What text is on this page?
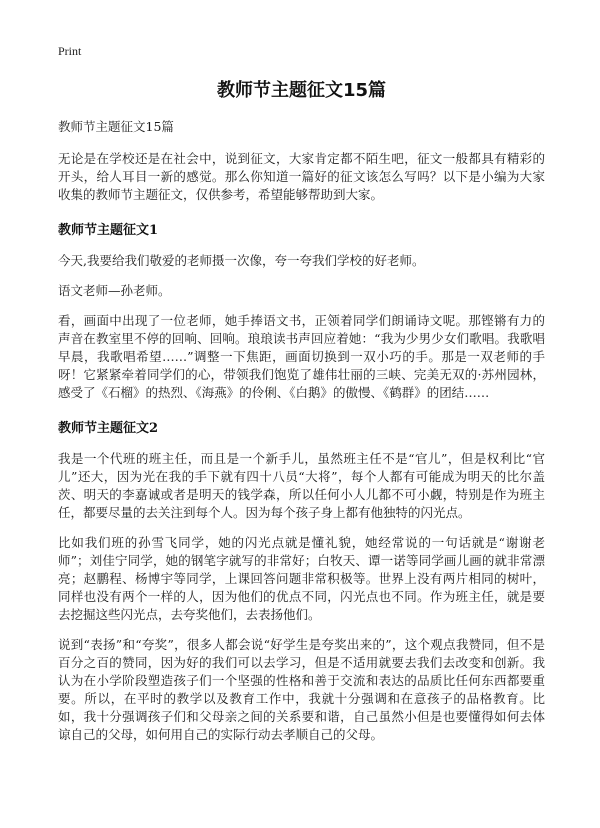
Print
教师节主题征文15篇
教师节主题征文15篇

无论是在学校还是在社会中，说到征文，大家肯定都不陌生吧，征文一般都具有精彩的开头，给人耳目一新的感觉。那么你知道一篇好的征文该怎么写吗？以下是小编为大家收集的教师节主题征文，仅供参考，希望能够帮助到大家。

教师节主题征文1

今天,我要给我们敬爱的老师摄一次像，夸一夸我们学校的好老师。

语文老师—孙老师。

看，画面中出现了一位老师，她手捧语文书，正领着同学们朗诵诗文呢。那铿锵有力的声音在教室里不停的回响、回响。琅琅读书声回应着她：“我为少男少女们歌唱。我歌唱早晨，我歌唱希望……”调整一下焦距，画面切换到一双小巧的手。那是一双老师的手呀！它紧紧牵着同学们的心，带领我们饱览了雄伟壮丽的三峡、完美无双的·苏州园林，感受了《石榴》的热烈、《海燕》的伶俐、《白鹅》的傲慢、《鹤群》的团结……

教师节主题征文2

我是一个代班的班主任，而且是一个新手儿，虽然班主任不是“官儿”，但是权利比“官儿”还大，因为光在我的手下就有四十八员“大将”，每个人都有可能成为明天的比尔盖茨、明天的李嘉诚或者是明天的钱学森，所以任何小人儿都不可小觑，特别是作为班主任，都要尽量的去关注到每个人。因为每个孩子身上都有他独特的闪光点。

比如我们班的孙雪飞同学，她的闪光点就是懂礼貌，她经常说的一句话就是“谢谢老师”；刘佳宁同学，她的钢笔字就写的非常好；白牧天、谭一诺等同学画儿画的就非常漂亮；赵鹏程、杨博宇等同学，上课回答问题非常积极等。世界上没有两片相同的树叶，同样也没有两个一样的人，因为他们的优点不同，闪光点也不同。作为班主任，就是要去挖掘这些闪光点，去夸奖他们，去表扬他们。

说到“表扬”和“夸奖”，很多人都会说“好学生是夸奖出来的”，这个观点我赞同，但不是百分之百的赞同，因为好的我们可以去学习，但是不适用就要去我们去改变和创新。我认为在小学阶段塑造孩子们一个坚强的性格和善于交流和表达的品质比任何东西都要重要。所以，在平时的教学以及教育工作中，我就十分强调和在意孩子的品格教育。比如，我十分强调孩子们和父母亲之间的关系要和谐，自己虽然小但是也要懂得如何去体谅自己的父母，如何用自己的实际行动去孝顺自己的父母。
